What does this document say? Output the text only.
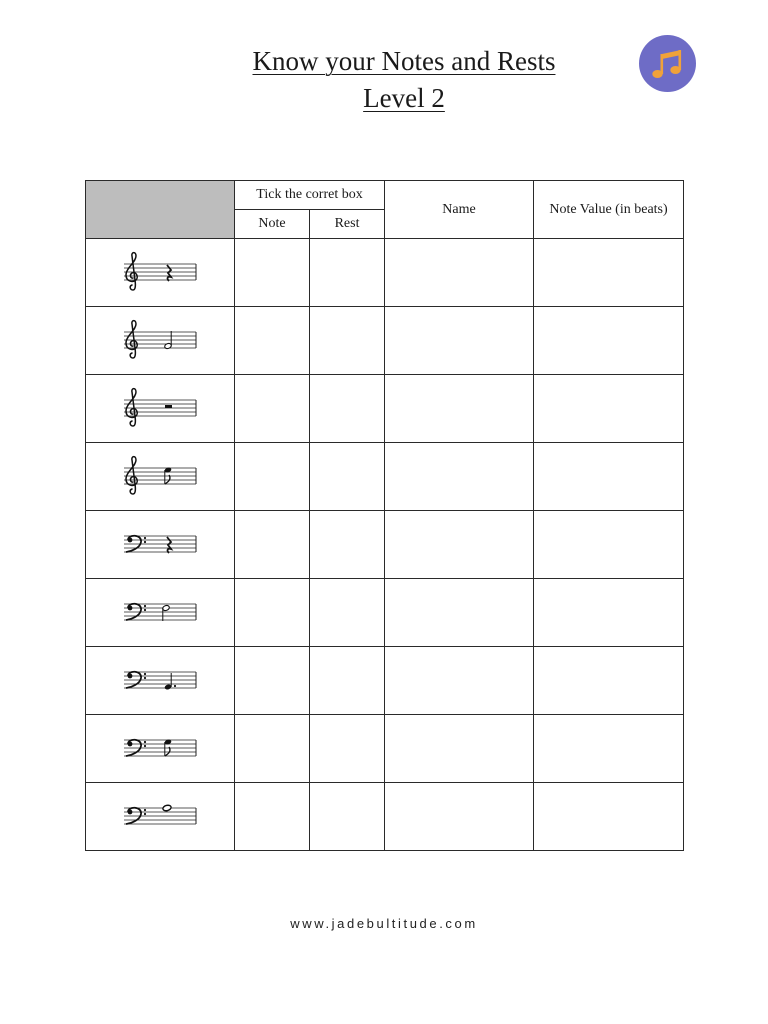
Know your Notes and Rests
Level 2
	Tick the corret box		Name	Note Value (in beats)
	Note	Rest		

www.jadebultitude.com
